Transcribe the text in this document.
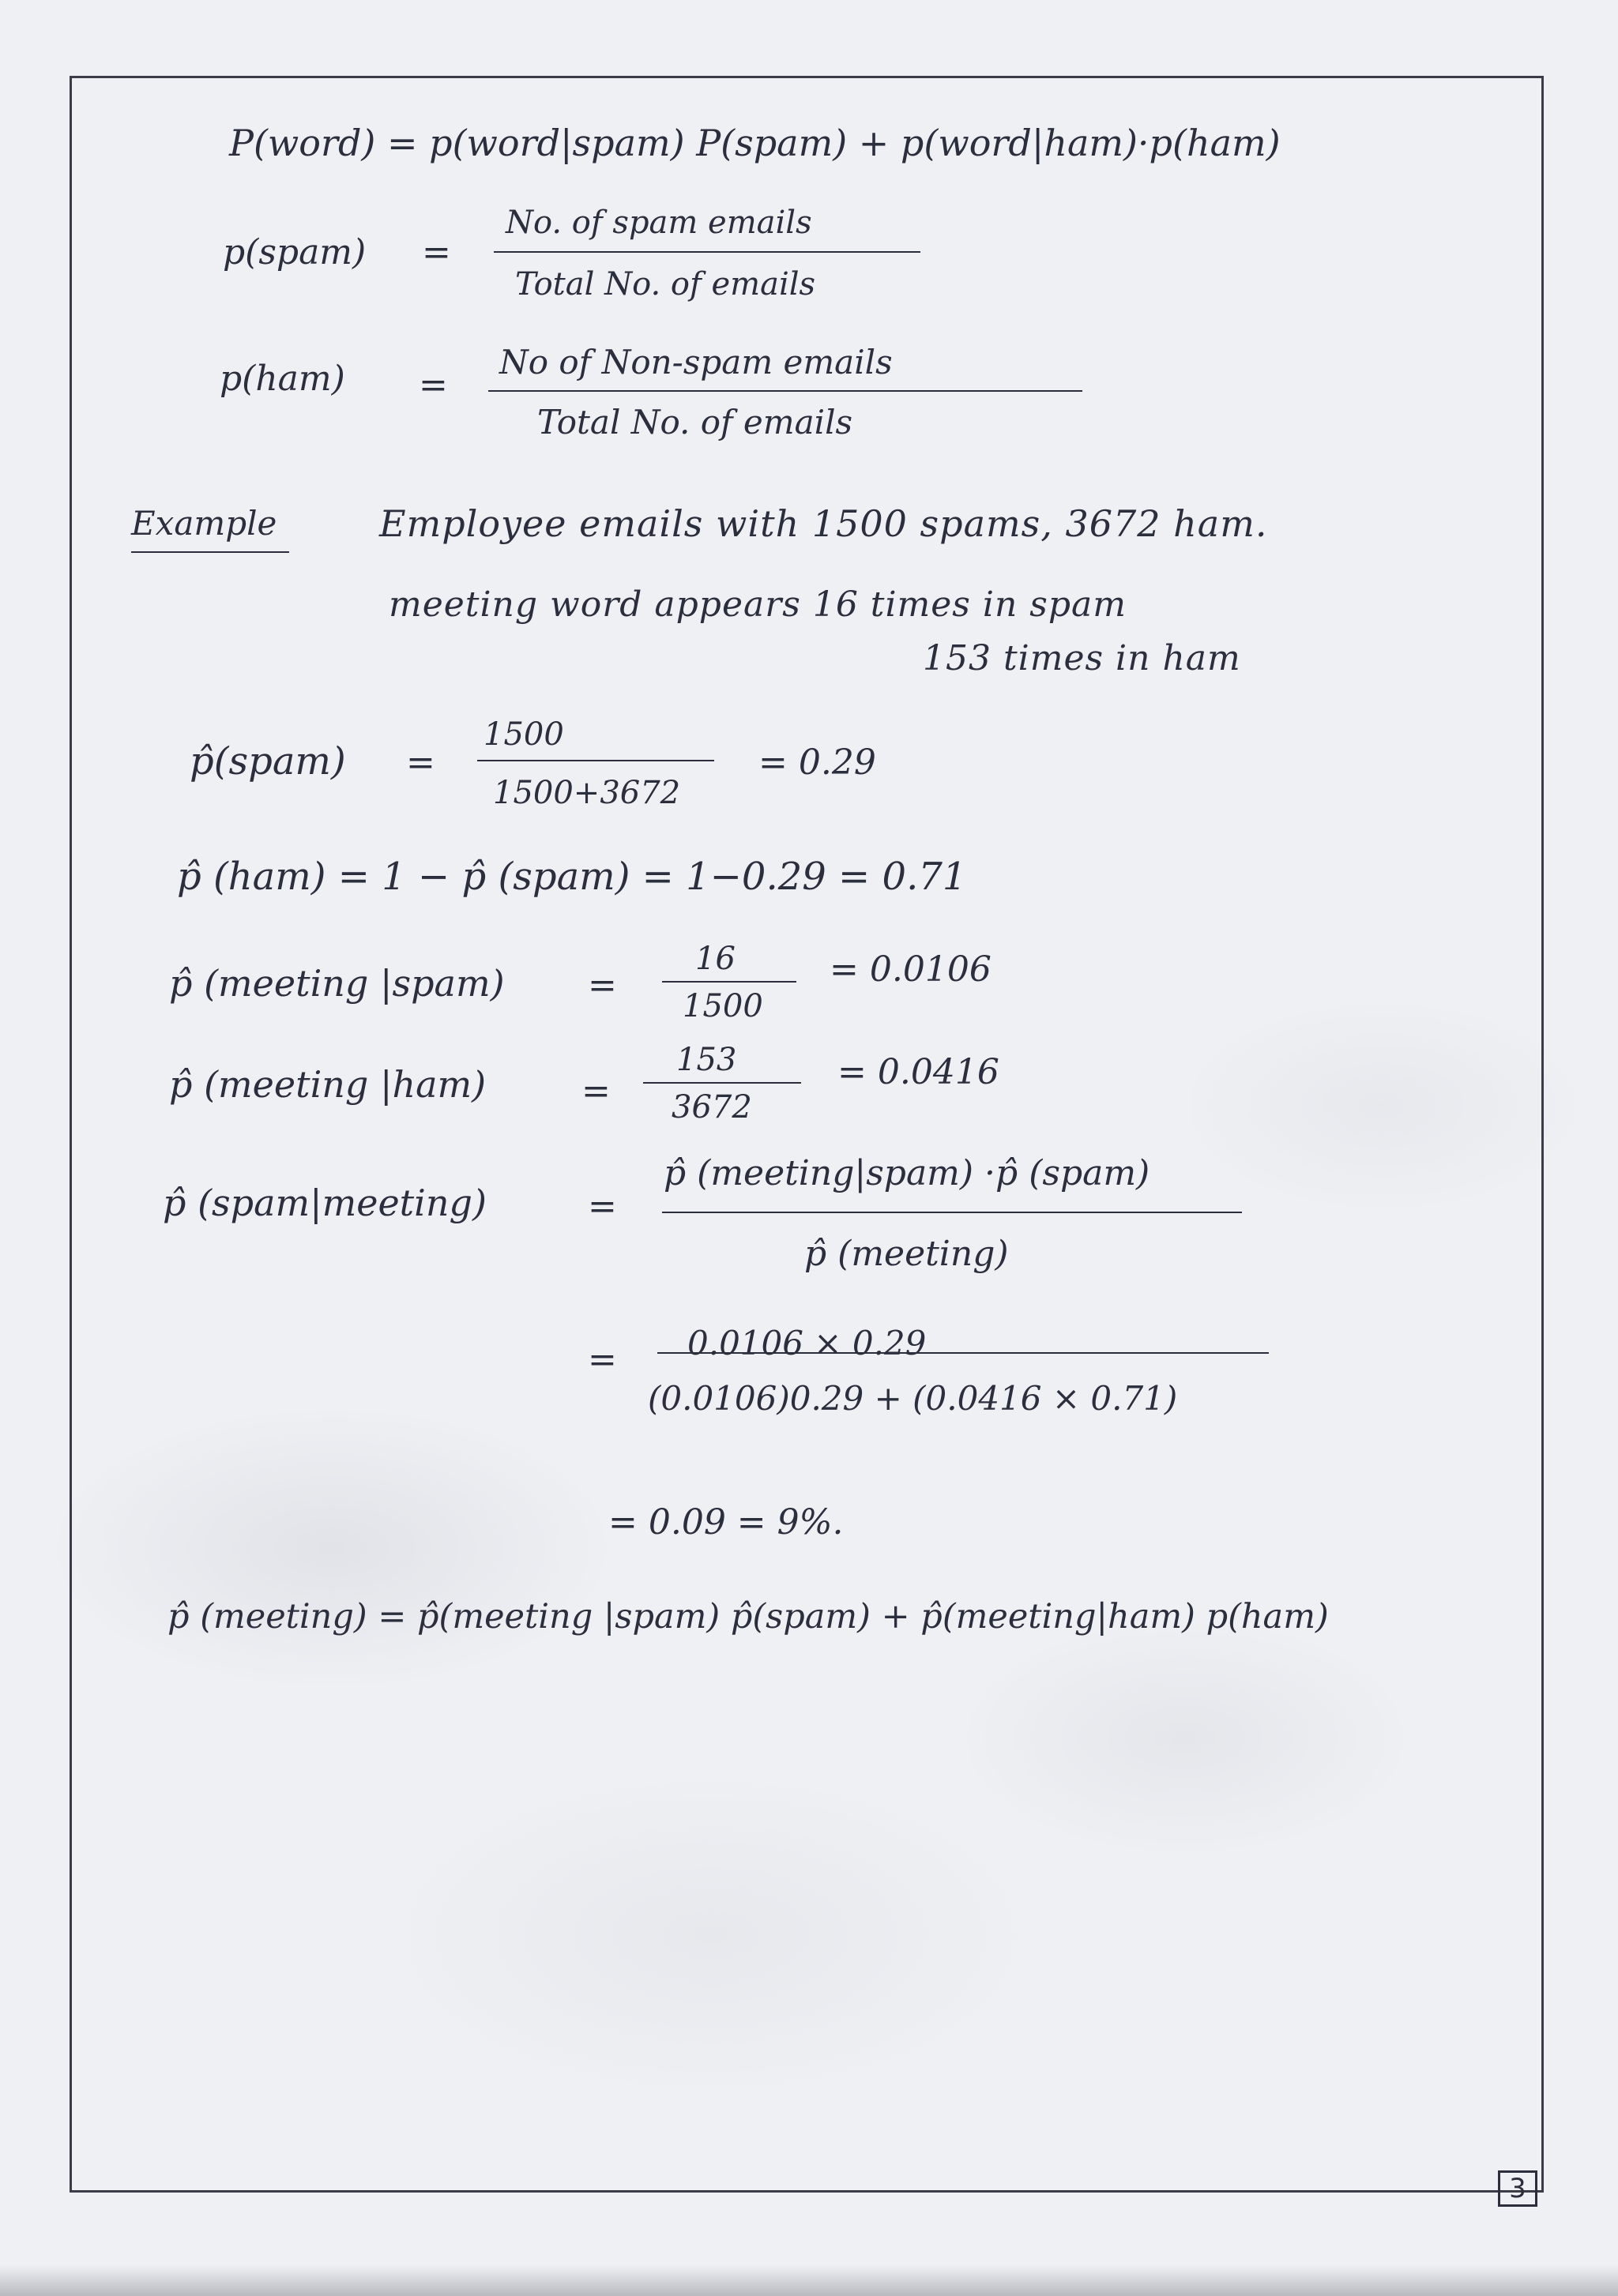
P(word) = p(word|spam) P(spam) + p(word|ham)·p(ham)
p(spam) =
No. of spam emails
Total No. of emails
p(ham) =
No of Non-spam emails
Total No. of emails
Example	Employee emails with 1500 spams, 3672 ham.
meeting word appears 16 times in spam
153 times in ham
p̂(spam) =
1500
1500+3672
= 0.29
p̂ (ham) = 1 − p̂ (spam) = 1−0.29 = 0.71
p̂ (meeting |spam) =
16
1500
= 0.0106
p̂ (meeting |ham)	=
153
3672
= 0.0416
p̂ (spam|meeting)	=
p̂ (meeting|spam) ·p̂ (spam)
p̂ (meeting)
= 0.0106 × 0.29
(0.0106)0.29 + (0.0416 × 0.71)
= 0.09 = 9%.
p̂ (meeting) = p̂(meeting |spam) p̂(spam) + p̂(meeting|ham) p(ham)
3
